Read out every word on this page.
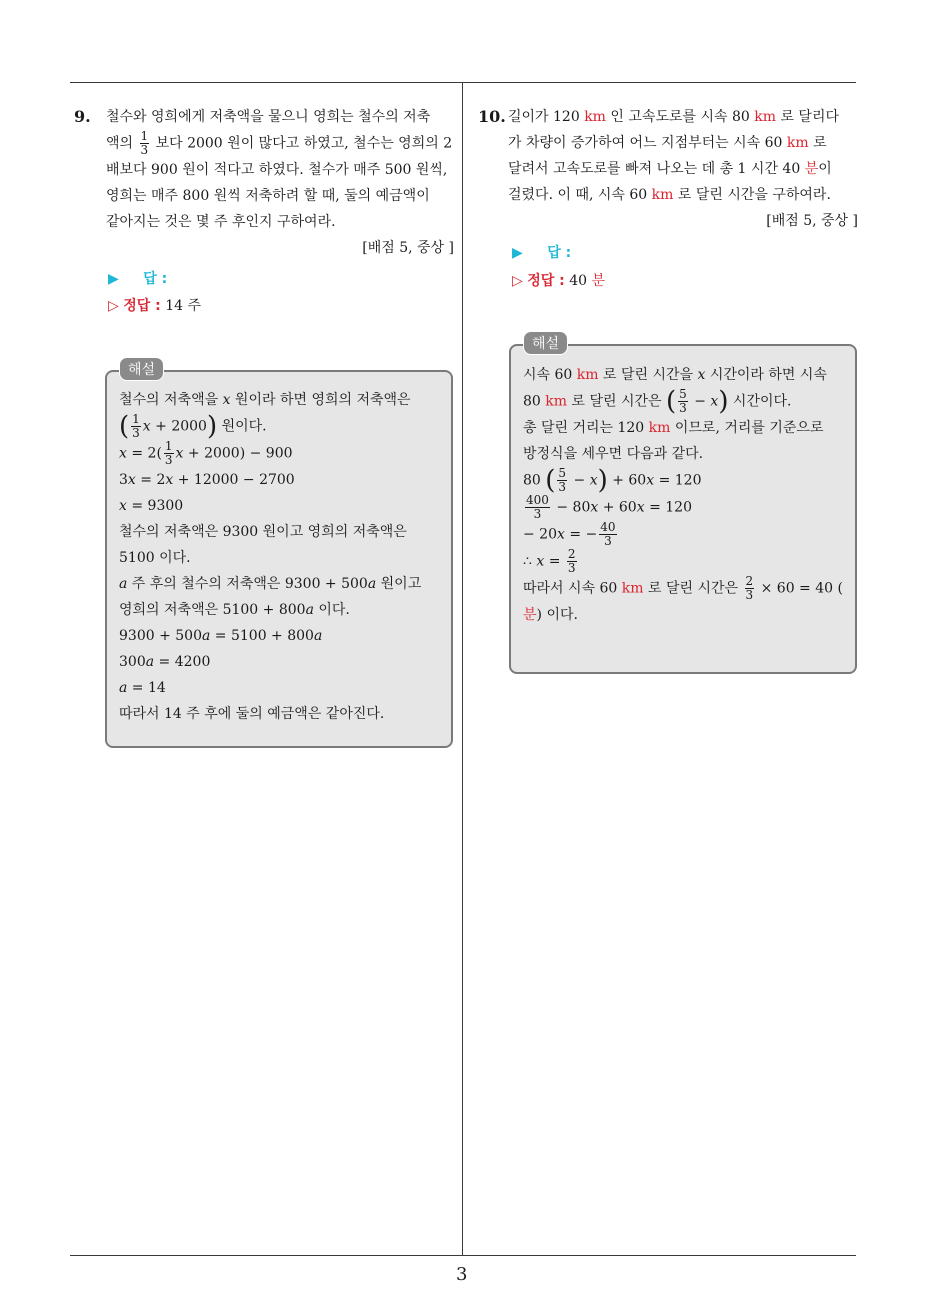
9. 철수와 영희에게 저축액을 물으니 영희는 철수의 저축
액의 $\frac{1}{3}$ 보다 2000 원이 많다고 하였고, 철수는 영희의 2
배보다 900 원이 적다고 하였다. 철수가 매주 500 원씩,
영희는 매주 800 원씩 저축하려 할 때, 둘의 예금액이
같아지는 것은 몇 주 후인지 구하여라.
[배점 5, 중상 ]
▶ 답 :
▷ 정답 : 14 주
해설
철수의 저축액을 x 원이라 하면 영희의 저축액은
( $\frac{1}{3}$ x + 2000) 원이다.
$x = 2( \frac{1}{3}$ x + 2000) − 900
3x = 2x + 12000 − 2700
x = 9300
철수의 저축액은 9300 원이고 영희의 저축액은
5100 이다.
a 주 후의 철수의 저축액은 9300 + 500a 원이고
영희의 저축액은 5100 + 800a 이다.
9300 + 500a = 5100 + 800a
300a = 4200
a = 14
따라서 14 주 후에 둘의 예금액은 같아진다.
10. 길이가 120 km 인 고속도로를 시속 80 km 로 달리다
가 차량이 증가하여 어느 지점부터는 시속 60 km 로
달려서 고속도로를 빠져 나오는 데 총 1 시간 40 분이
걸렸다. 이 때, 시속 60 km 로 달린 시간을 구하여라.
[배점 5, 중상 ]
▶ 답 :
▷ 정답 : 40 분
해설
시속 60 km 로 달린 시간을 x 시간이라 하면 시속
80 km 로 달린 시간은 ( $\frac{5}{3} - x$) 시간이다.
총 달린 거리는 120 km 이므로, 거리를 기준으로
방정식을 세우면 다음과 같다.
80 ( $\frac{5}{3} - x) + 60x = 120$
$\frac{400}{3} - 80x + 60x = 120$
− 20x = − $\frac{40}{3}$
∴ $x = \frac{2}{3}$
따라서 시속 60 km 로 달린 시간은 $\frac{2}{3} \times 60 = 40$ (
분) 이다.
3
